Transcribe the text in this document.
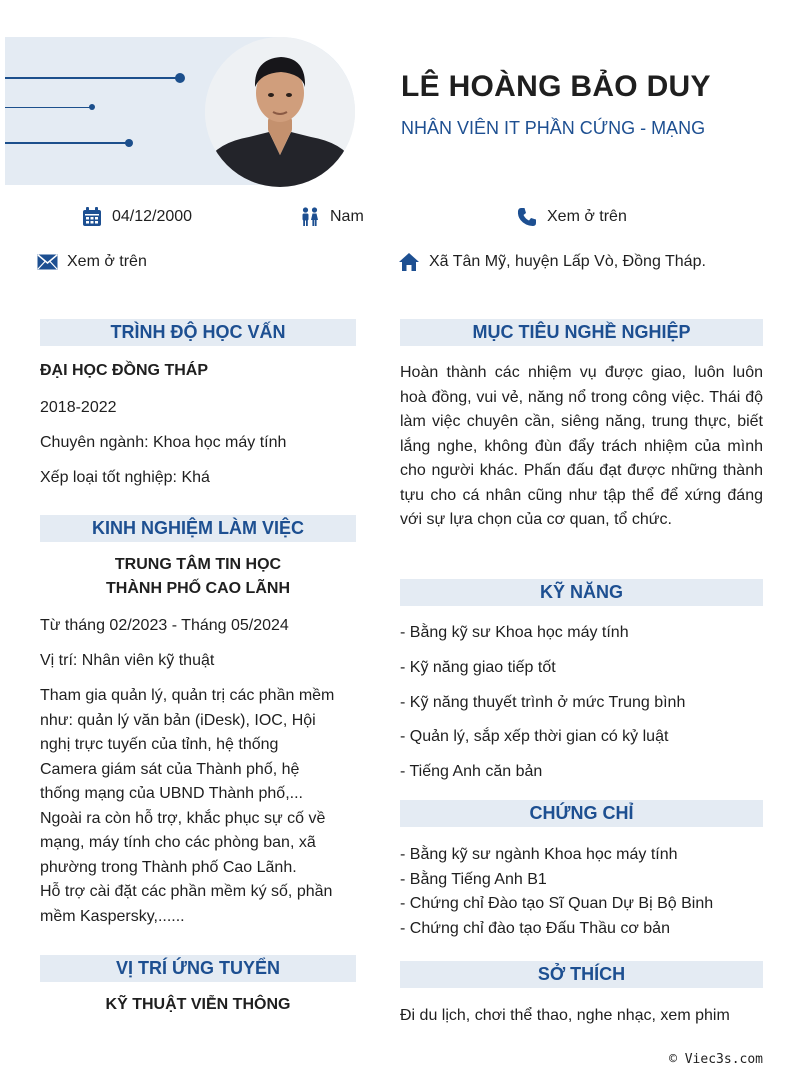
LÊ HOÀNG BẢO DUY
NHÂN VIÊN IT PHẦN CỨNG - MẠNG
04/12/2000	Nam	Xem ở trên
Xem ở trên	Xã Tân Mỹ, huyện Lấp Vò, Đồng Tháp.
TRÌNH ĐỘ HỌC VẤN
ĐẠI HỌC ĐỒNG THÁP
2018-2022
Chuyên ngành: Khoa học máy tính
Xếp loại tốt nghiệp: Khá
KINH NGHIỆM LÀM VIỆC
TRUNG TÂM TIN HỌC
THÀNH PHỐ CAO LÃNH
Từ tháng 02/2023 - Tháng 05/2024
Vị trí: Nhân viên kỹ thuật
Tham gia quản lý, quản trị các phần mềm
như: quản lý văn bản (iDesk), IOC, Hội
nghị trực tuyến của tỉnh, hệ thống
Camera giám sát của Thành phố, hệ
thống mạng của UBND Thành phố,...
Ngoài ra còn hỗ trợ, khắc phục sự cố về
mạng, máy tính cho các phòng ban, xã
phường trong Thành phố Cao Lãnh.
Hỗ trợ cài đặt các phần mềm ký số, phần
mềm Kaspersky,......
VỊ TRÍ ỨNG TUYỂN
KỸ THUẬT VIỄN THÔNG
MỤC TIÊU NGHỀ NGHIỆP
Hoàn thành các nhiệm vụ được giao, luôn luôn hoà đồng, vui vẻ, năng nổ trong công việc. Thái độ làm việc chuyên cần, siêng năng, trung thực, biết lắng nghe, không đùn đẩy trách nhiệm của mình cho người khác. Phấn đấu đạt được những thành tựu cho cá nhân cũng như tập thể để xứng đáng với sự lựa chọn của cơ quan, tổ chức.
KỸ NĂNG
- Bằng kỹ sư Khoa học máy tính
- Kỹ năng giao tiếp tốt
- Kỹ năng thuyết trình ở mức Trung bình
- Quản lý, sắp xếp thời gian có kỷ luật
- Tiếng Anh căn bản
CHỨNG CHỈ
- Bằng kỹ sư ngành Khoa học máy tính
- Bằng Tiếng Anh B1
- Chứng chỉ Đào tạo Sĩ Quan Dự Bị Bộ Binh
- Chứng chỉ đào tạo Đấu Thầu cơ bản
SỞ THÍCH
Đi du lịch, chơi thể thao, nghe nhạc, xem phim
© Viec3s.com
